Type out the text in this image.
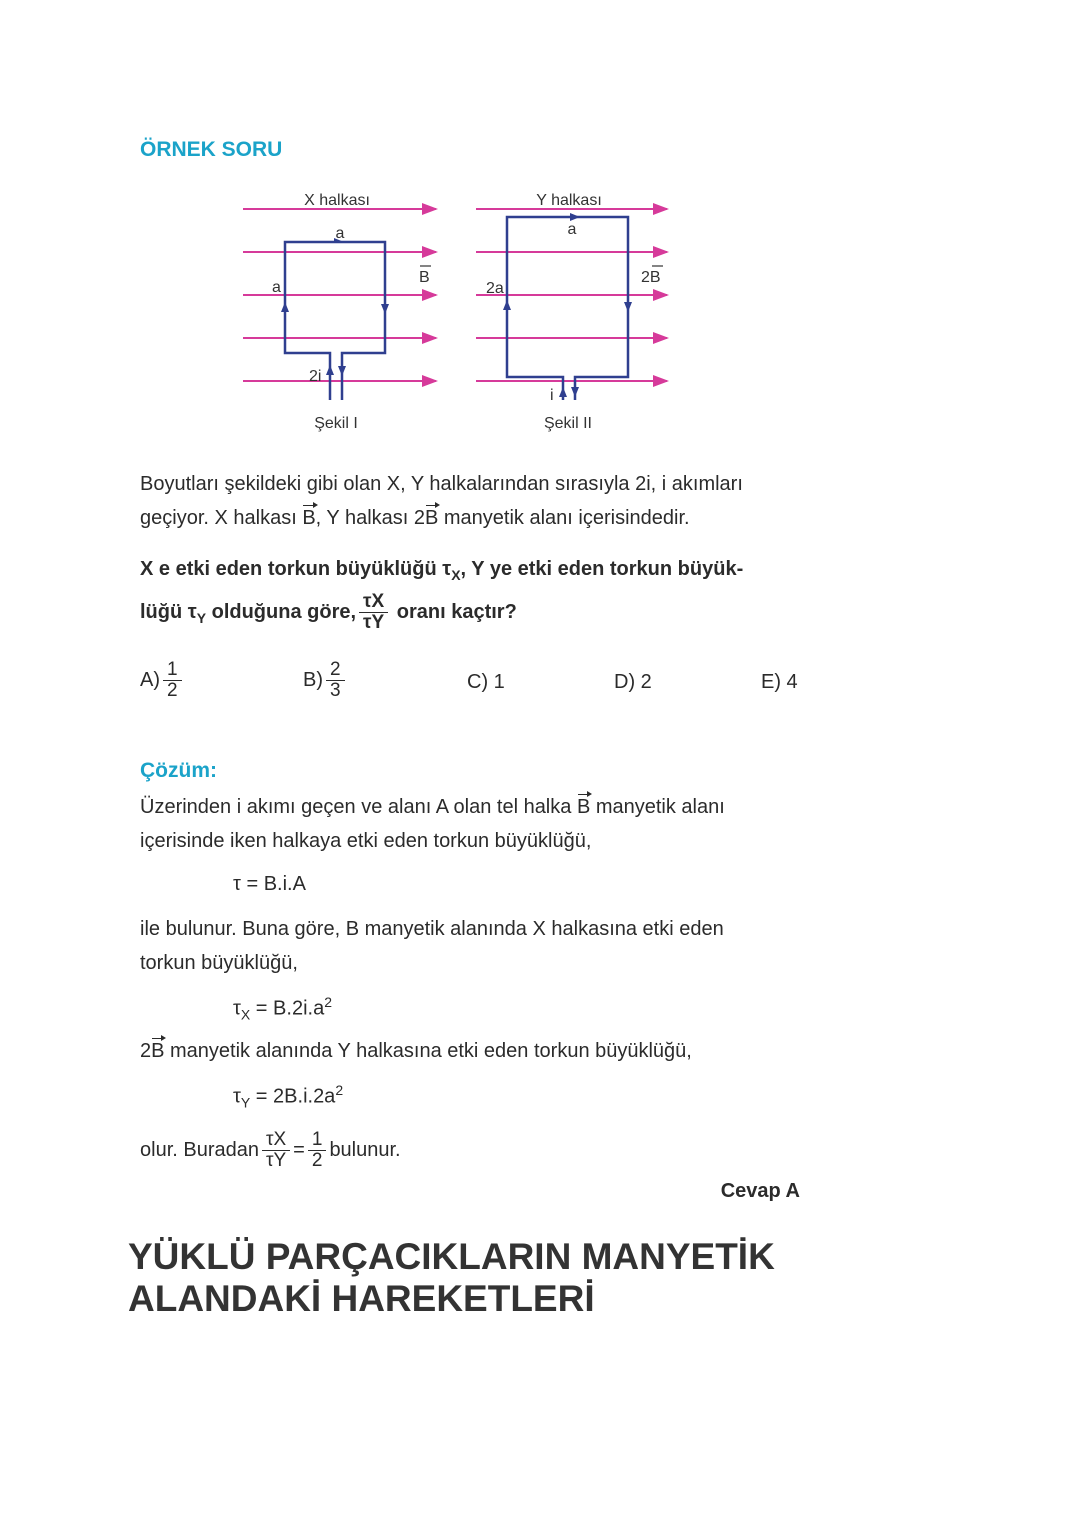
ÖRNEK SORU
X halkası
a
a
B
2i
Şekil I
Y halkası
a
2a
2B
i
Şekil II
Boyutları şekildeki gibi olan X, Y halkalarından sırasıyla 2i, i akımları
geçiyor. X halkası B, Y halkası 2B manyetik alanı içerisindedir.
X e etki eden torkun büyüklüğü $\tau_X$, Y ye etki eden torkun büyük-
lüğü $\tau_Y$ olduğuna göre, $\frac{\tau X}{\tau Y}$ oranı kaçtır?
$A) \frac{1}{2}$	$B) \frac{2}{3}$	C) 1	D) 2	E) 4
Çözüm:
Üzerinden i akımı geçen ve alanı A olan tel halka B manyetik alanı
içerisinde iken halkaya etki eden torkun büyüklüğü,
τ = B.i.A
ile bulunur. Buna göre, B manyetik alanında X halkasına etki eden
torkun büyüklüğü,
$\tau_X = B.2i.a^2$
2B manyetik alanında Y halkasına etki eden torkun büyüklüğü,
$\tau_Y = 2B.i.2a^2$
olur. Buradan $\frac{\tau X}{\tau Y} = \frac{1}{2}$ bulunur.
Cevap A
YÜKLÜ PARÇACIKLARIN MANYETİK
ALANDAKİ HAREKETLERİ
